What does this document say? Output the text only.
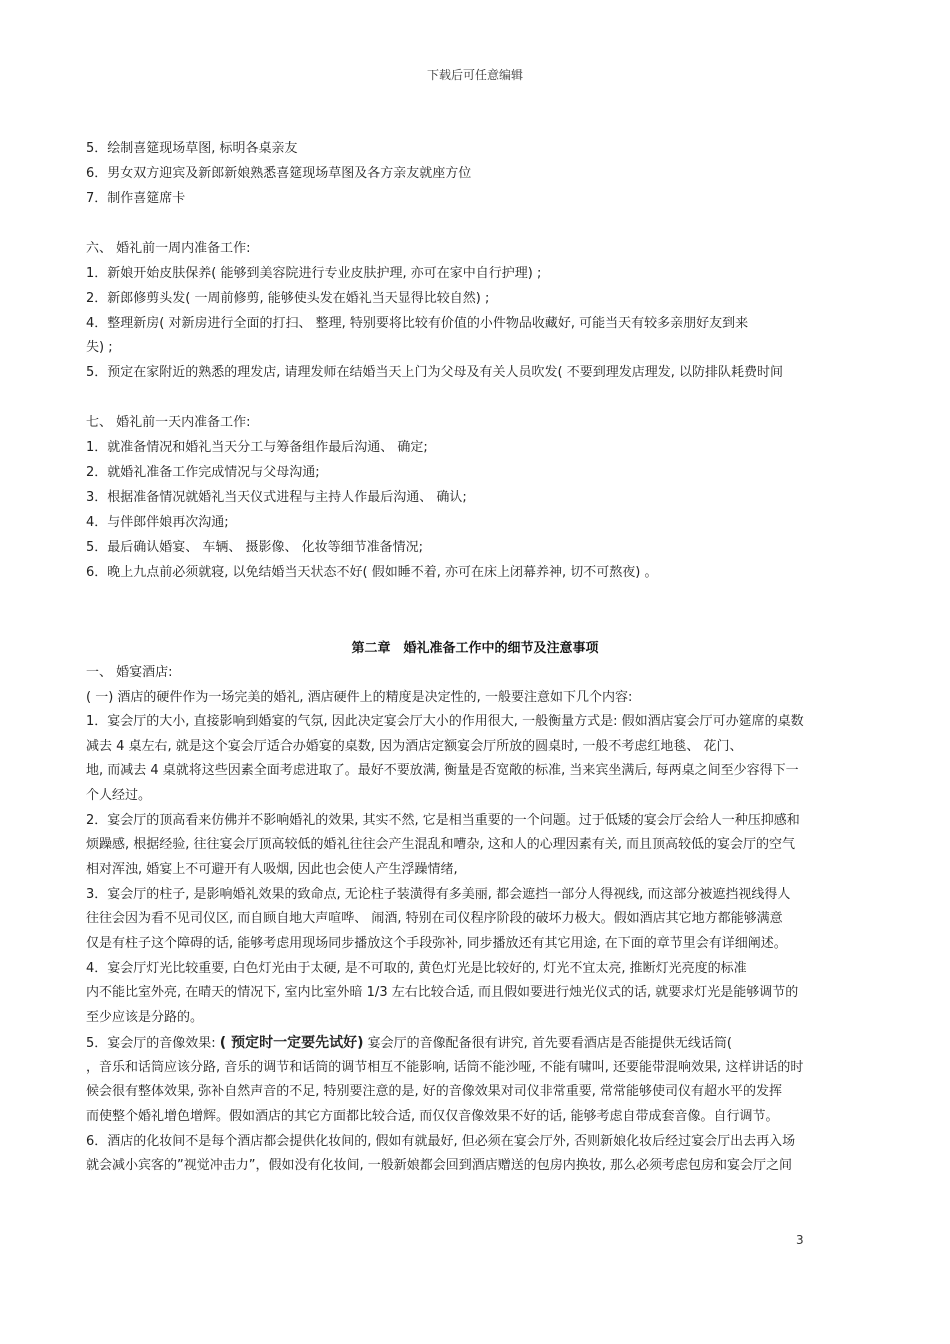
下载后可任意编辑
5．绘制喜筵现场草图, 标明各桌亲友
6．男女双方迎宾及新郎新娘熟悉喜筵现场草图及各方亲友就座方位
7．制作喜筵席卡
六、 婚礼前一周内准备工作:
1．新娘开始皮肤保养( 能够到美容院进行专业皮肤护理, 亦可在家中自行护理) ;
2．新郎修剪头发( 一周前修剪, 能够使头发在婚礼当天显得比较自然) ;
4．整理新房( 对新房进行全面的打扫、 整理, 特别要将比较有价值的小件物品收藏好, 可能当天有较多亲朋好友到来
失) ;
5．预定在家附近的熟悉的理发店, 请理发师在结婚当天上门为父母及有关人员吹发( 不要到理发店理发, 以防排队耗费时间
七、 婚礼前一天内准备工作:
1．就准备情况和婚礼当天分工与筹备组作最后沟通、 确定;
2．就婚礼准备工作完成情况与父母沟通;
3．根据准备情况就婚礼当天仪式进程与主持人作最后沟通、 确认;
4．与伴郎伴娘再次沟通;
5．最后确认婚宴、 车辆、 摄影像、 化妆等细节准备情况;
6．晚上九点前必须就寝, 以免结婚当天状态不好( 假如睡不着, 亦可在床上闭幕养神, 切不可熬夜) 。
第二章　婚礼准备工作中的细节及注意事项
一、 婚宴酒店:
( 一) 酒店的硬件作为一场完美的婚礼, 酒店硬件上的精度是决定性的, 一般要注意如下几个内容:
1．宴会厅的大小, 直接影响到婚宴的气氛, 因此决定宴会厅大小的作用很大, 一般衡量方式是: 假如酒店宴会厅可办筵席的桌数
减去 4 桌左右, 就是这个宴会厅适合办婚宴的桌数, 因为酒店定额宴会厅所放的圆桌时, 一般不考虑红地毯、 花门、
地, 而减去 4 桌就将这些因素全面考虑进取了。最好不要放满, 衡量是否宽敞的标准, 当来宾坐满后, 每两桌之间至少容得下一
个人经过。
2．宴会厅的顶高看来仿佛并不影响婚礼的效果, 其实不然, 它是相当重要的一个问题。过于低矮的宴会厅会给人一种压抑感和
烦躁感, 根据经验, 往往宴会厅顶高较低的婚礼往往会产生混乱和嘈杂, 这和人的心理因素有关, 而且顶高较低的宴会厅的空气
相对浑浊, 婚宴上不可避开有人吸烟, 因此也会使人产生浮躁情绪,
3．宴会厅的柱子, 是影响婚礼效果的致命点, 无论柱子装潢得有多美丽, 都会遮挡一部分人得视线, 而这部分被遮挡视线得人
往往会因为看不见司仪区, 而自顾自地大声喧哗、 闹酒, 特别在司仪程序阶段的破坏力极大。假如酒店其它地方都能够满意
仅是有柱子这个障碍的话, 能够考虑用现场同步播放这个手段弥补, 同步播放还有其它用途, 在下面的章节里会有详细阐述。
4．宴会厅灯光比较重要, 白色灯光由于太硬, 是不可取的, 黄色灯光是比较好的, 灯光不宜太亮, 推断灯光亮度的标准
内不能比室外亮, 在晴天的情况下, 室内比室外暗 1/3 左右比较合适, 而且假如要进行烛光仪式的话, 就要求灯光是能够调节的
至少应该是分路的。
5．宴会厅的音像效果: ( 预定时一定要先试好) 宴会厅的音像配备很有讲究, 首先要看酒店是否能提供无线话筒(
，音乐和话筒应该分路, 音乐的调节和话筒的调节相互不能影响, 话筒不能沙哑, 不能有啸叫, 还要能带混响效果, 这样讲话的时
候会很有整体效果, 弥补自然声音的不足, 特别要注意的是, 好的音像效果对司仪非常重要, 常常能够使司仪有超水平的发挥
而使整个婚礼增色增辉。假如酒店的其它方面都比较合适, 而仅仅音像效果不好的话, 能够考虑自带成套音像。自行调节。
6．酒店的化妆间不是每个酒店都会提供化妆间的, 假如有就最好, 但必须在宴会厅外, 否则新娘化妆后经过宴会厅出去再入场
就会减小宾客的”视觉冲击力”，假如没有化妆间, 一般新娘都会回到酒店赠送的包房内换妆, 那么必须考虑包房和宴会厅之间
3
